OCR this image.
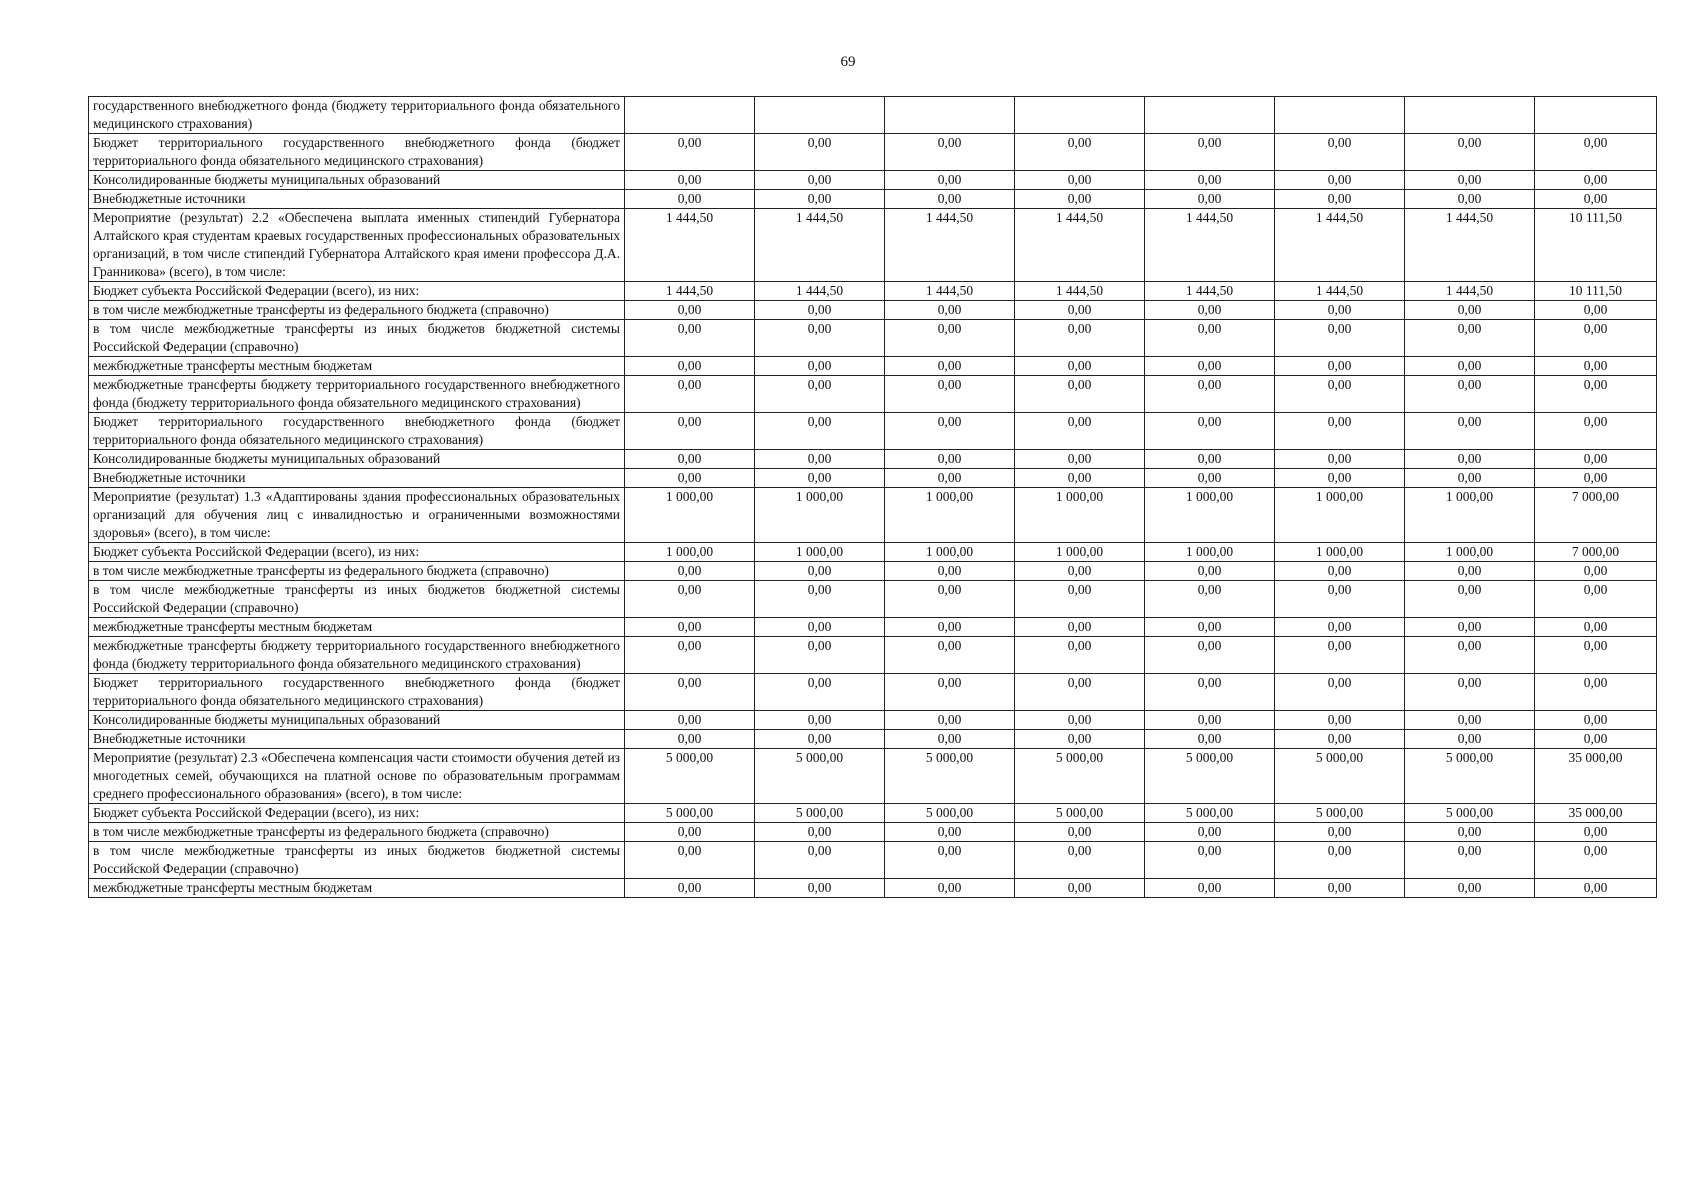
69
государственного внебюджетного фонда (бюджету территориального фонда обязательного медицинского страхования)								
Бюджет территориального государственного внебюджетного фонда (бюджет территориального фонда обязательного медицинского страхования)	0,00	0,00	0,00	0,00	0,00	0,00	0,00	0,00
Консолидированные бюджеты муниципальных образований	0,00	0,00	0,00	0,00	0,00	0,00	0,00	0,00
Внебюджетные источники	0,00	0,00	0,00	0,00	0,00	0,00	0,00	0,00
Мероприятие (результат) 2.2 «Обеспечена выплата именных стипендий Губернатора Алтайского края студентам краевых государственных профессиональных образовательных организаций, в том числе стипендий Губернатора Алтайского края имени профессора Д.А. Гранникова» (всего), в том числе:	1 444,50	1 444,50	1 444,50	1 444,50	1 444,50	1 444,50	1 444,50	10 111,50
Бюджет субъекта Российской Федерации (всего), из них:	1 444,50	1 444,50	1 444,50	1 444,50	1 444,50	1 444,50	1 444,50	10 111,50
в том числе межбюджетные трансферты из федерального бюджета (справочно)	0,00	0,00	0,00	0,00	0,00	0,00	0,00	0,00
в том числе межбюджетные трансферты из иных бюджетов бюджетной системы Российской Федерации (справочно)	0,00	0,00	0,00	0,00	0,00	0,00	0,00	0,00
межбюджетные трансферты местным бюджетам	0,00	0,00	0,00	0,00	0,00	0,00	0,00	0,00
межбюджетные трансферты бюджету территориального государственного внебюджетного фонда (бюджету территориального фонда обязательного медицинского страхования)	0,00	0,00	0,00	0,00	0,00	0,00	0,00	0,00
Бюджет территориального государственного внебюджетного фонда (бюджет территориального фонда обязательного медицинского страхования)	0,00	0,00	0,00	0,00	0,00	0,00	0,00	0,00
Консолидированные бюджеты муниципальных образований	0,00	0,00	0,00	0,00	0,00	0,00	0,00	0,00
Внебюджетные источники	0,00	0,00	0,00	0,00	0,00	0,00	0,00	0,00
Мероприятие (результат) 1.3 «Адаптированы здания профессиональных образовательных организаций для обучения лиц с инвалидностью и ограниченными возможностями здоровья» (всего), в том числе:	1 000,00	1 000,00	1 000,00	1 000,00	1 000,00	1 000,00	1 000,00	7 000,00
Бюджет субъекта Российской Федерации (всего), из них:	1 000,00	1 000,00	1 000,00	1 000,00	1 000,00	1 000,00	1 000,00	7 000,00
в том числе межбюджетные трансферты из федерального бюджета (справочно)	0,00	0,00	0,00	0,00	0,00	0,00	0,00	0,00
в том числе межбюджетные трансферты из иных бюджетов бюджетной системы Российской Федерации (справочно)	0,00	0,00	0,00	0,00	0,00	0,00	0,00	0,00
межбюджетные трансферты местным бюджетам	0,00	0,00	0,00	0,00	0,00	0,00	0,00	0,00
межбюджетные трансферты бюджету территориального государственного внебюджетного фонда (бюджету территориального фонда обязательного медицинского страхования)	0,00	0,00	0,00	0,00	0,00	0,00	0,00	0,00
Бюджет территориального государственного внебюджетного фонда (бюджет территориального фонда обязательного медицинского страхования)	0,00	0,00	0,00	0,00	0,00	0,00	0,00	0,00
Консолидированные бюджеты муниципальных образований	0,00	0,00	0,00	0,00	0,00	0,00	0,00	0,00
Внебюджетные источники	0,00	0,00	0,00	0,00	0,00	0,00	0,00	0,00
Мероприятие (результат) 2.3 «Обеспечена компенсация части стоимости обучения детей из многодетных семей, обучающихся на платной основе по образовательным программам среднего профессионального образования» (всего), в том числе:	5 000,00	5 000,00	5 000,00	5 000,00	5 000,00	5 000,00	5 000,00	35 000,00
Бюджет субъекта Российской Федерации (всего), из них:	5 000,00	5 000,00	5 000,00	5 000,00	5 000,00	5 000,00	5 000,00	35 000,00
в том числе межбюджетные трансферты из федерального бюджета (справочно)	0,00	0,00	0,00	0,00	0,00	0,00	0,00	0,00
в том числе межбюджетные трансферты из иных бюджетов бюджетной системы Российской Федерации (справочно)	0,00	0,00	0,00	0,00	0,00	0,00	0,00	0,00
межбюджетные трансферты местным бюджетам	0,00	0,00	0,00	0,00	0,00	0,00	0,00	0,00
